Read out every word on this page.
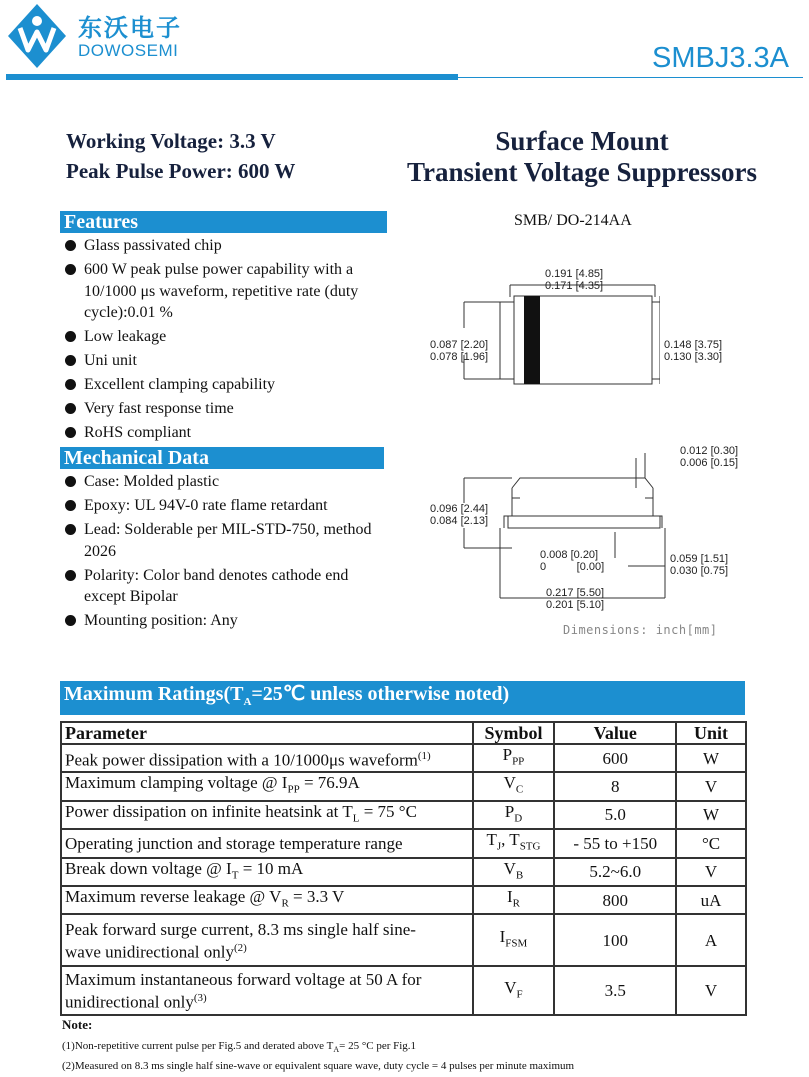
东沃电子
DOWOSEMI	SMBJ3.3A
Working Voltage: 3.3 V
Peak Pulse Power: 600 W
Surface Mount
Transient Voltage Suppressors
Features
Glass passivated chip
600 W peak pulse power capability with a 10/1000 μs waveform, repetitive rate (duty cycle):0.01 %
Low leakage
Uni unit
Excellent clamping capability
Very fast response time
RoHS compliant
Mechanical Data
Case: Molded plastic
Epoxy: UL 94V-0 rate flame retardant
Lead: Solderable per MIL-STD-750, method 2026
Polarity: Color band denotes cathode end except Bipolar
Mounting position: Any
SMB/ DO-214AA
0.191 [4.85]
0.171 [4.35]
0.087 [2.20]
0.078 [1.96]
0.148 [3.75]
0.130 [3.30]
0.012 [0.30]
0.006 [0.15]
0.096 [2.44]
0.084 [2.13]
0.008 [0.20]
0          [0.00]
0.059 [1.51]
0.030 [0.75]
0.217 [5.50]
0.201 [5.10]
Dimensions: inch[mm]
Maximum $Ratings(T_A=25℃$ unless otherwise noted)
Parameter	Symbol	Value	Unit
Peak power dissipation with a 10/1000μs waveform$^{(1)}$	$P_{PP}$	600	W
Maximum clamping voltage @ $I_{PP} = 76.9A$	$V_C$	8	V
Power dissipation on infinite heatsink at $T_L = 75$ °C	$P_D$	5.0	W
Operating junction and storage temperature range	$T_J$, $T_{STG}$	- 55 to +150	°C
Break down voltage @ $I_T = 10$ mA	$V_B$	5.2~6.0	V
Maximum reverse leakage @ $V_R = 3.3$ V	$I_R$	800	uA

Peak forward surge current, 8.3 ms single half sine-
wave unidirectional only$^{(2)}$	$I_{FSM}$	100	A

Maximum instantaneous forward voltage at 50 A for
unidirectional only$^{(3)}$	$V_F$	3.5	V
Note:
(1)Non-repetitive current pulse per Fig.5 and derated above $T_A= 25$ °C per Fig.1
(2)Measured on 8.3 ms single half sine-wave or equivalent square wave, duty cycle = 4 pulses per minute maximum
